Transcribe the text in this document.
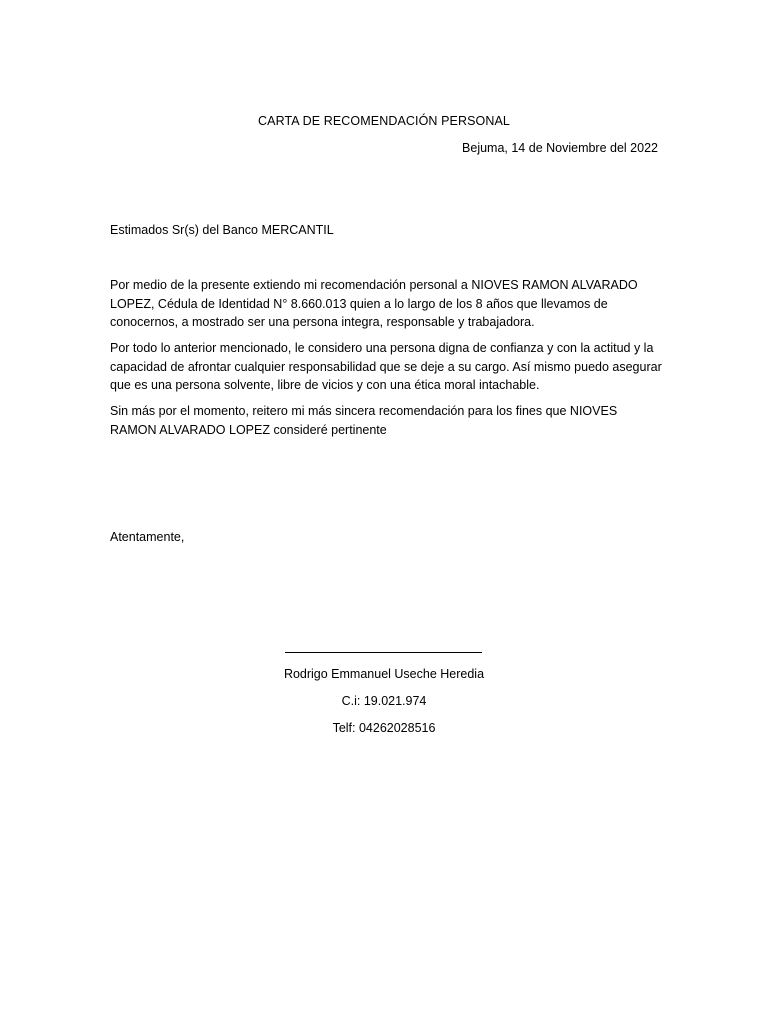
CARTA DE RECOMENDACIÓN PERSONAL
Bejuma, 14 de Noviembre del 2022
Estimados Sr(s) del Banco MERCANTIL
Por medio de la presente extiendo mi recomendación personal a NIOVES RAMON ALVARADO LOPEZ, Cédula de Identidad N° 8.660.013 quien a lo largo de los 8 años que llevamos de conocernos, a mostrado ser una persona integra, responsable y trabajadora.
Por todo lo anterior mencionado, le considero una persona digna de confianza y con la actitud y la capacidad de afrontar cualquier responsabilidad que se deje a su cargo. Así mismo puedo asegurar que es una persona solvente, libre de vicios y con una ética moral intachable.
Sin más por el momento, reitero mi más sincera recomendación para los fines que NIOVES RAMON ALVARADO LOPEZ consideré pertinente
Atentamente,
Rodrigo Emmanuel Useche Heredia
C.i: 19.021.974
Telf: 04262028516
